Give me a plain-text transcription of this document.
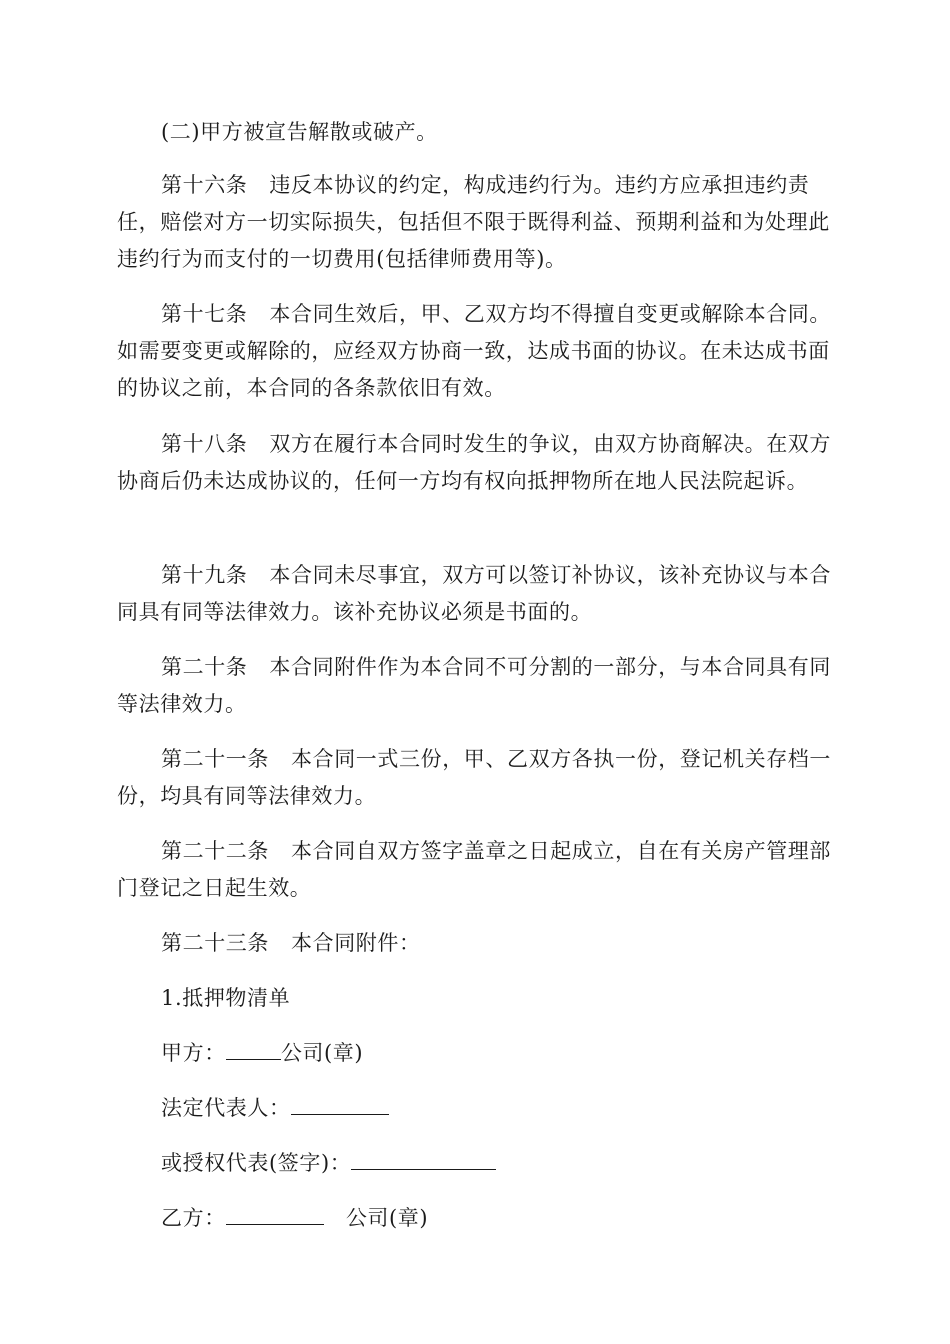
(二)甲方被宣告解散或破产。

第十六条 违反本协议的约定，构成违约行为。违约方应承担违约责任，赔偿对方一切实际损失，包括但不限于既得利益、预期利益和为处理此违约行为而支付的一切费用(包括律师费用等)。

第十七条 本合同生效后，甲、乙双方均不得擅自变更或解除本合同。如需要变更或解除的，应经双方协商一致，达成书面的协议。在未达成书面的协议之前，本合同的各条款依旧有效。

第十八条 双方在履行本合同时发生的争议，由双方协商解决。在双方协商后仍未达成协议的，任何一方均有权向抵押物所在地人民法院起诉。

第十九条 本合同未尽事宜，双方可以签订补协议，该补充协议与本合同具有同等法律效力。该补充协议必须是书面的。

第二十条 本合同附件作为本合同不可分割的一部分，与本合同具有同等法律效力。

第二十一条 本合同一式三份，甲、乙双方各执一份，登记机关存档一份，均具有同等法律效力。

第二十二条 本合同自双方签字盖章之日起成立，自在有关房产管理部门登记之日起生效。

第二十三条 本合同附件：

1.抵押物清单

甲方：	公司(章)

法定代表人：

或授权代表(签字)：

乙方：	公司(章)
